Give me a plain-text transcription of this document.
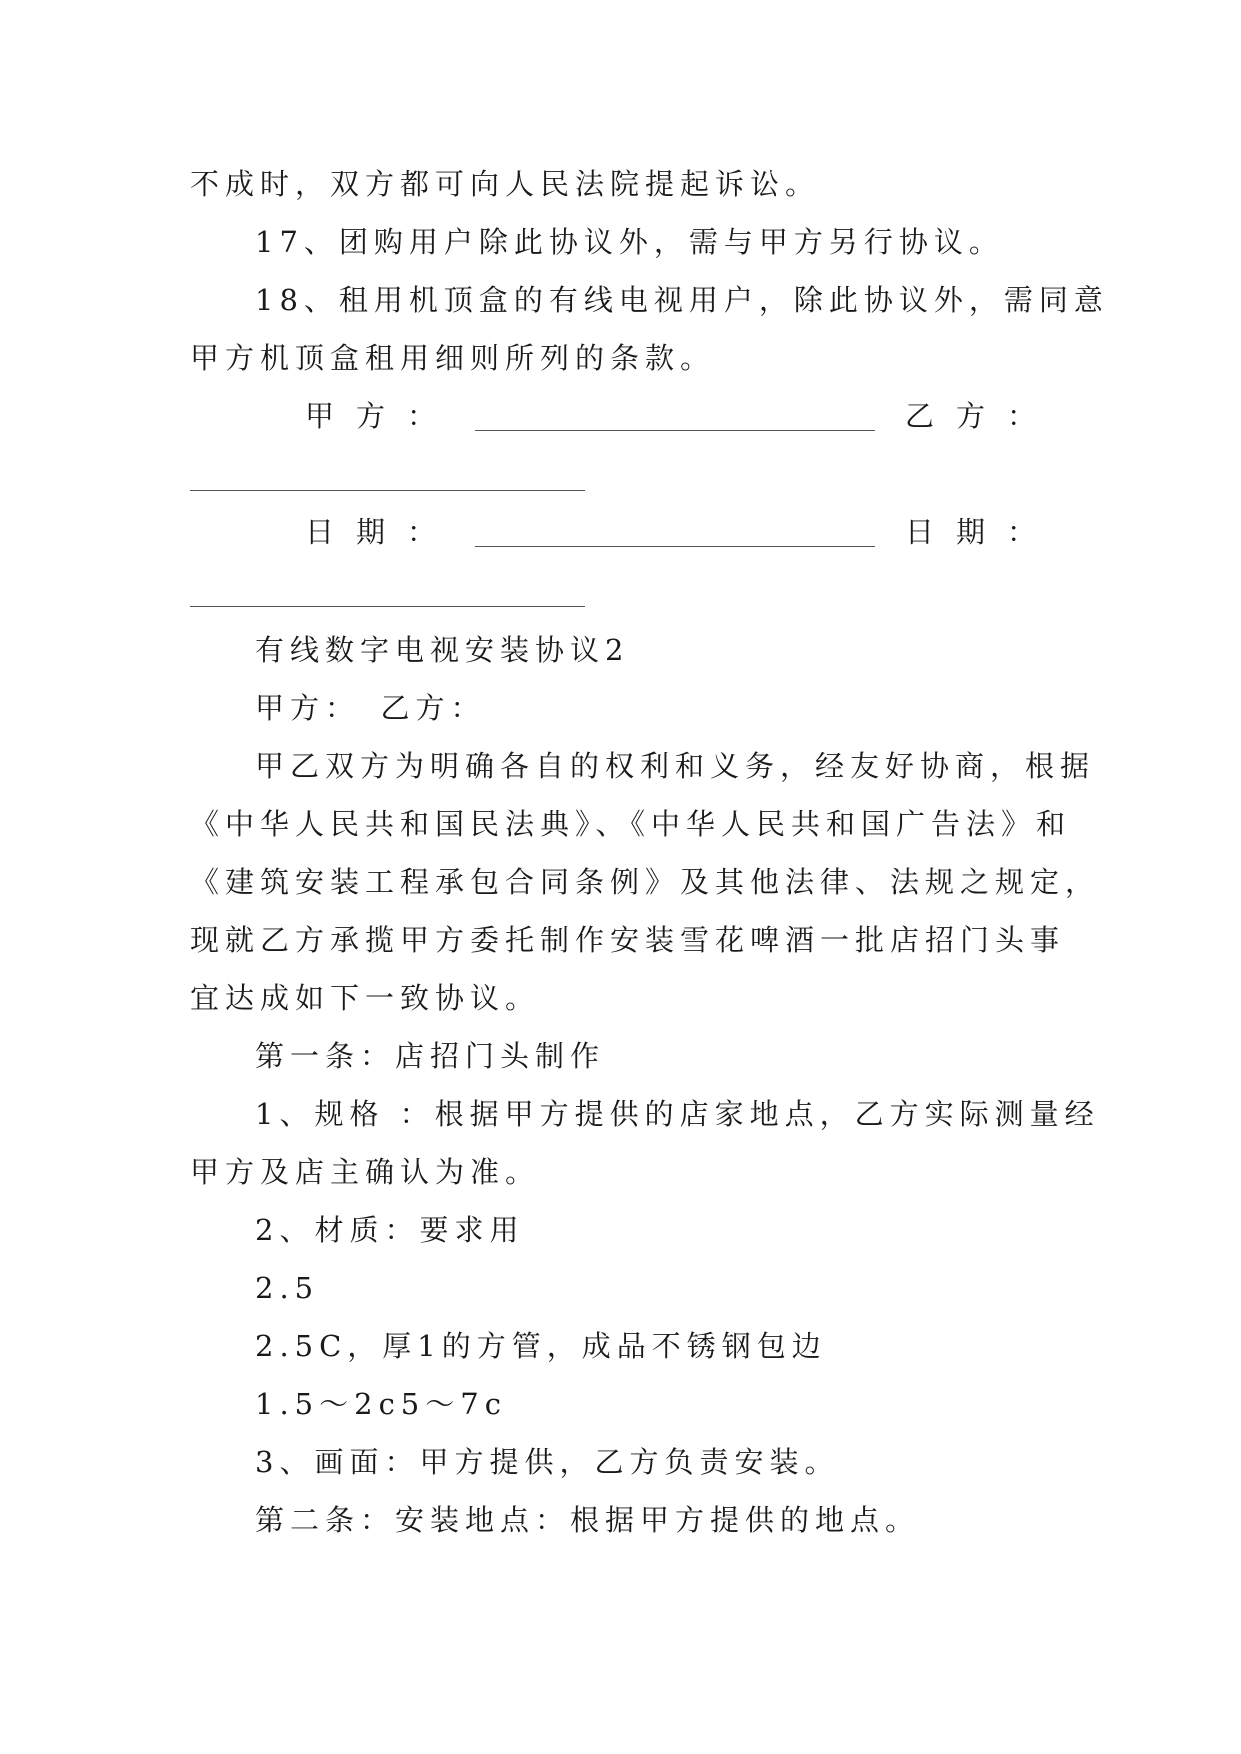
不成时，双方都可向人民法院提起诉讼。
17、团购用户除此协议外，需与甲方另行协议。
18、租用机顶盒的有线电视用户，除此协议外，需同意
甲方机顶盒租用细则所列的条款。
甲方：	乙方：
日期：	日期：
有线数字电视安装协议2
甲方：　乙方：
甲乙双方为明确各自的权利和义务，经友好协商，根据
《中华人民共和国民法典》、《中华人民共和国广告法》和
《建筑安装工程承包合同条例》及其他法律、法规之规定，
现就乙方承揽甲方委托制作安装雪花啤酒一批店招门头事
宜达成如下一致协议。
第一条：店招门头制作
1、规格 ：根据甲方提供的店家地点，乙方实际测量经
甲方及店主确认为准。
2、材质：要求用
2.5
2.5C，厚1的方管，成品不锈钢包边
1.5～2c5～7c
3、画面：甲方提供，乙方负责安装。
第二条：安装地点：根据甲方提供的地点。
